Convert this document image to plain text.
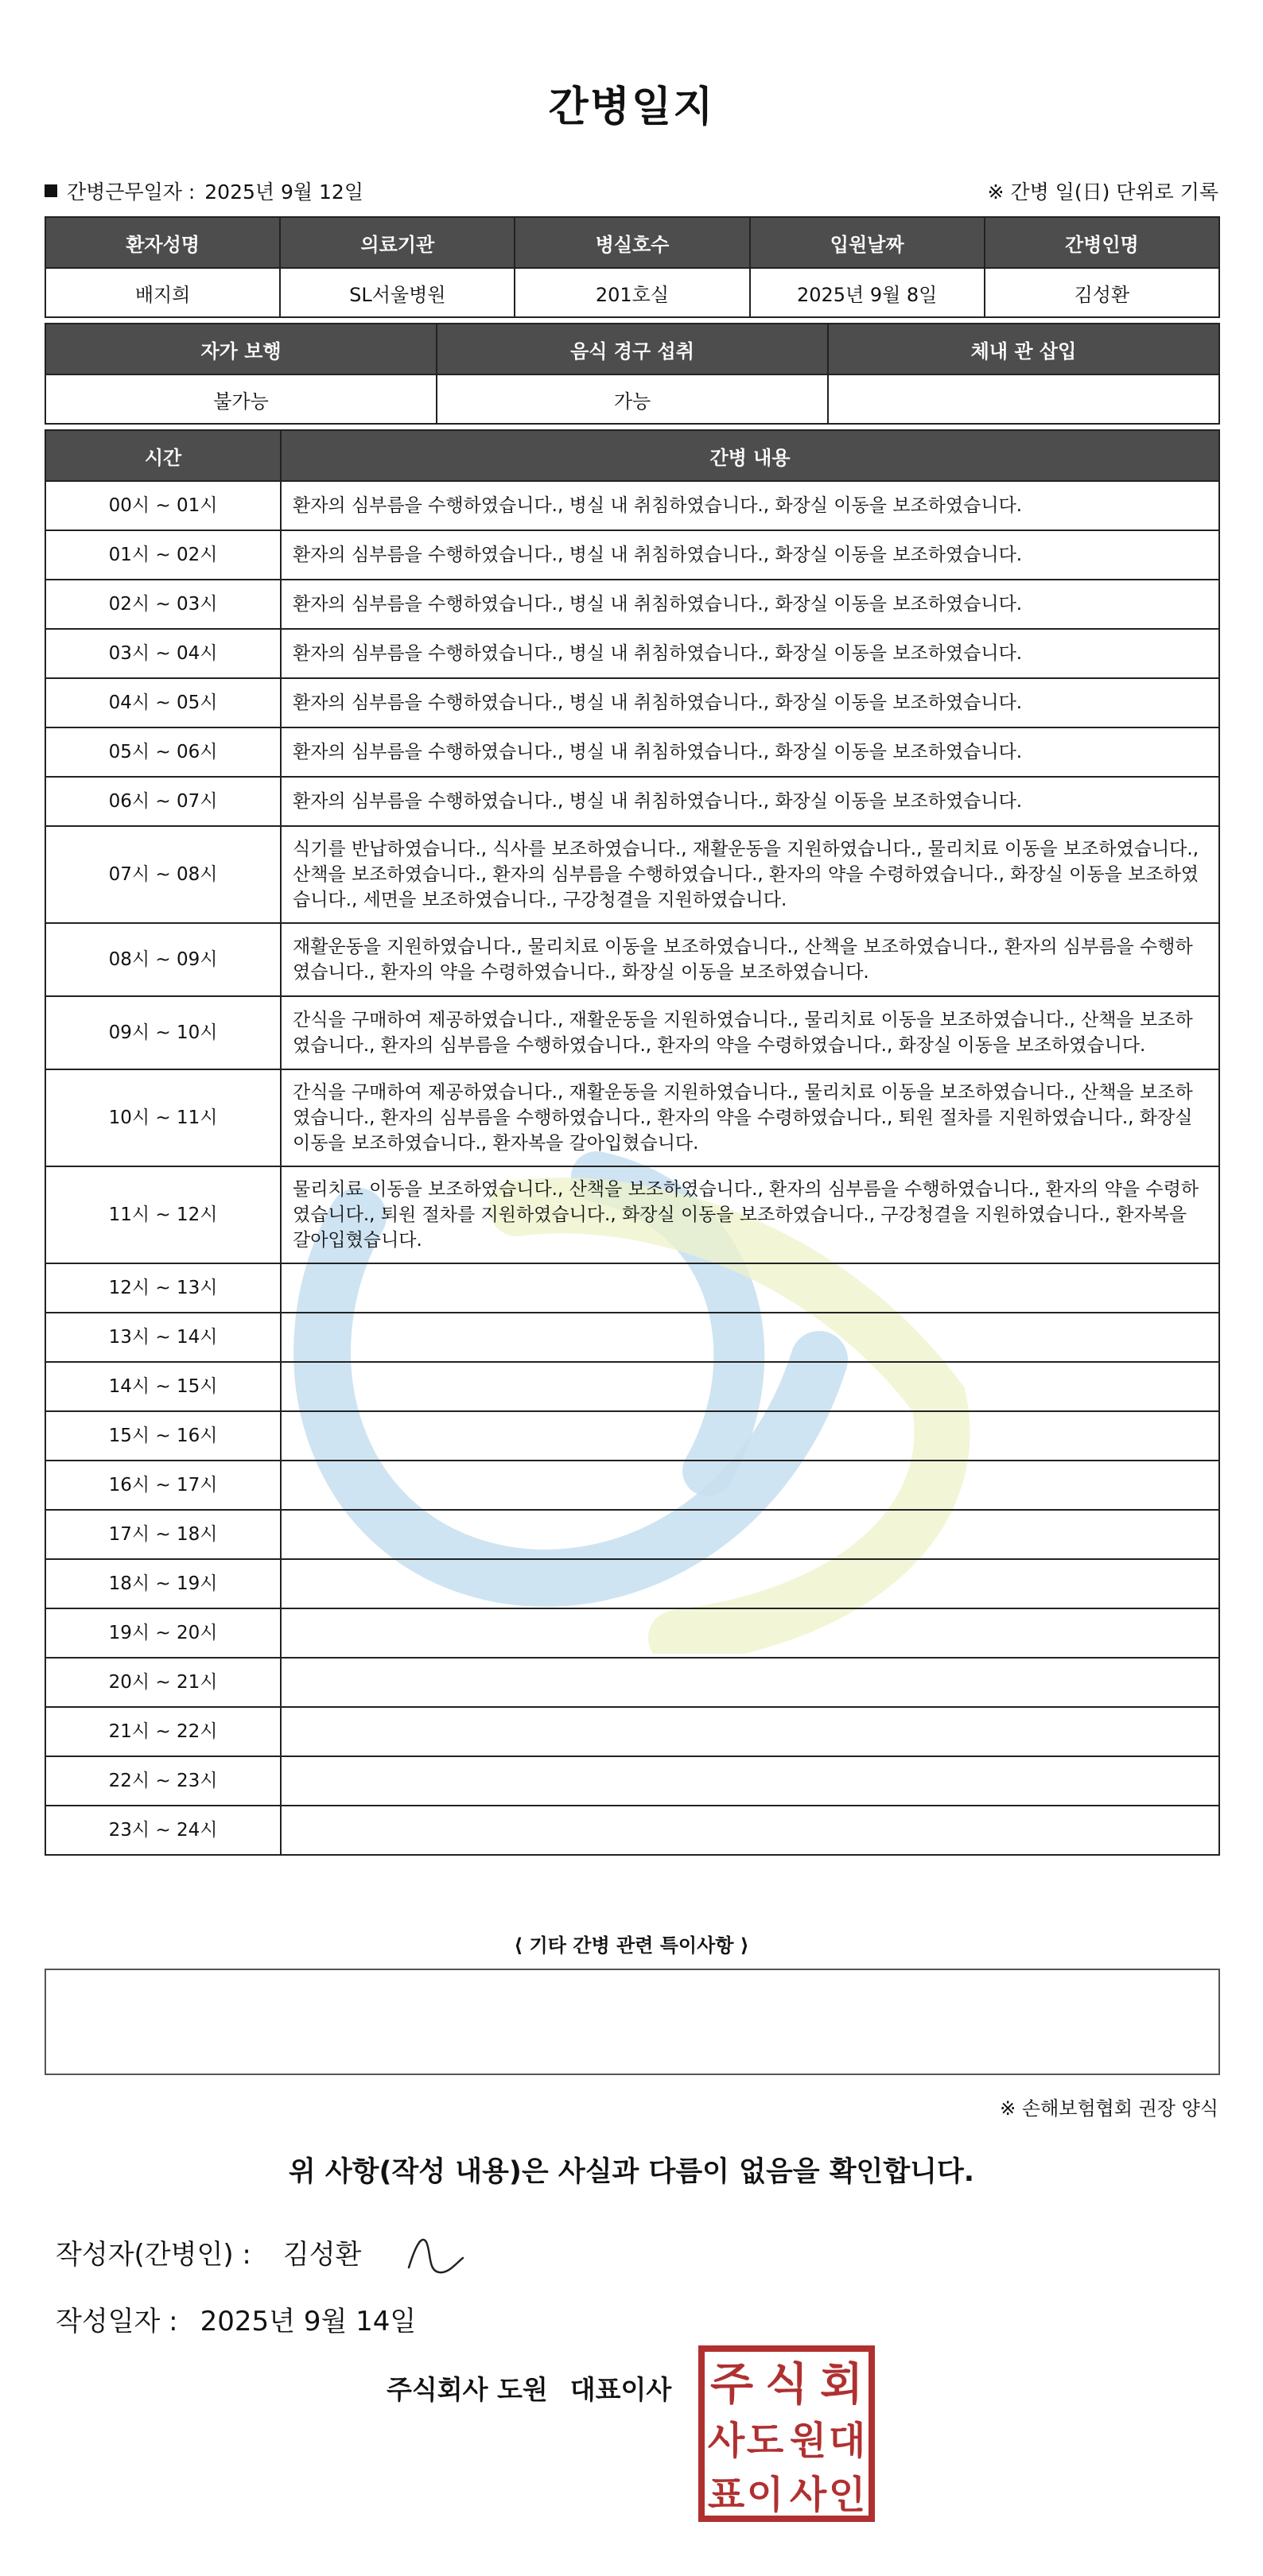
간병일지
간병근무일자 : 2025년 9월 12일	※ 간병 일(日) 단위로 기록
환자성명	의료기관	병실호수	입원날짜	간병인명
배지희	SL서울병원	201호실	2025년 9월 8일	김성환
자가 보행	음식 경구 섭취	체내 관 삽입
불가능	가능	
시간	간병 내용
00시 ~ 01시	환자의 심부름을 수행하였습니다., 병실 내 취침하였습니다., 화장실 이동을 보조하였습니다.
01시 ~ 02시	환자의 심부름을 수행하였습니다., 병실 내 취침하였습니다., 화장실 이동을 보조하였습니다.
02시 ~ 03시	환자의 심부름을 수행하였습니다., 병실 내 취침하였습니다., 화장실 이동을 보조하였습니다.
03시 ~ 04시	환자의 심부름을 수행하였습니다., 병실 내 취침하였습니다., 화장실 이동을 보조하였습니다.
04시 ~ 05시	환자의 심부름을 수행하였습니다., 병실 내 취침하였습니다., 화장실 이동을 보조하였습니다.
05시 ~ 06시	환자의 심부름을 수행하였습니다., 병실 내 취침하였습니다., 화장실 이동을 보조하였습니다.
06시 ~ 07시	환자의 심부름을 수행하였습니다., 병실 내 취침하였습니다., 화장실 이동을 보조하였습니다.
07시 ~ 08시	식기를 반납하였습니다., 식사를 보조하였습니다., 재활운동을 지원하였습니다., 물리치료 이동을 보조하였습니다., 산책을 보조하였습니다., 환자의 심부름을 수행하였습니다., 환자의 약을 수령하였습니다., 화장실 이동을 보조하였습니다., 세면을 보조하였습니다., 구강청결을 지원하였습니다.
08시 ~ 09시	재활운동을 지원하였습니다., 물리치료 이동을 보조하였습니다., 산책을 보조하였습니다., 환자의 심부름을 수행하였습니다., 환자의 약을 수령하였습니다., 화장실 이동을 보조하였습니다.
09시 ~ 10시	간식을 구매하여 제공하였습니다., 재활운동을 지원하였습니다., 물리치료 이동을 보조하였습니다., 산책을 보조하였습니다., 환자의 심부름을 수행하였습니다., 환자의 약을 수령하였습니다., 화장실 이동을 보조하였습니다.
10시 ~ 11시	간식을 구매하여 제공하였습니다., 재활운동을 지원하였습니다., 물리치료 이동을 보조하였습니다., 산책을 보조하였습니다., 환자의 심부름을 수행하였습니다., 환자의 약을 수령하였습니다., 퇴원 절차를 지원하였습니다., 화장실 이동을 보조하였습니다., 환자복을 갈아입혔습니다.
11시 ~ 12시	물리치료 이동을 보조하였습니다., 산책을 보조하였습니다., 환자의 심부름을 수행하였습니다., 환자의 약을 수령하였습니다., 퇴원 절차를 지원하였습니다., 화장실 이동을 보조하였습니다., 구강청결을 지원하였습니다., 환자복을 갈아입혔습니다.
12시 ~ 13시	
13시 ~ 14시	
14시 ~ 15시	
15시 ~ 16시	
16시 ~ 17시	
17시 ~ 18시	
18시 ~ 19시	
19시 ~ 20시	
20시 ~ 21시	
21시 ~ 22시	
22시 ~ 23시	
23시 ~ 24시	
⟨ 기타 간병 관련 특이사항 ⟩
※ 손해보험협회 권장 양식
위 사항(작성 내용)은 사실과 다름이 없음을 확인합니다.
작성자(간병인) : 김성환
작성일자 : 2025년 9월 14일
주식회사 도원 대표이사 주 식 회
사 도 원 대
표 이 사 인
